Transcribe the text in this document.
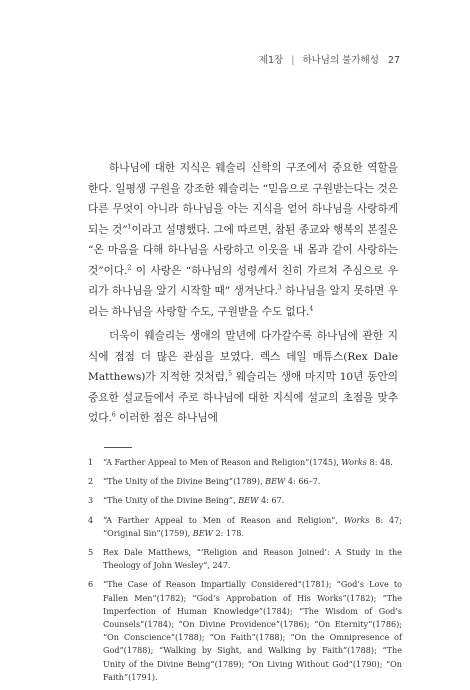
제1장 | 하나님의 불가해성 27

하나님에 대한 지식은 웨슬리 신학의 구조에서 중요한 역할을 한다. 일평생 구원을 강조한 웨슬리는 “믿음으로 구원받는다는 것은 다른 무엇이 아니라 하나님을 아는 지식을 얻어 하나님을 사랑하게 되는 것”$^1$이라고 설명했다. 그에 따르면, 참된 종교와 행복의 본질은 “온 마음을 다해 하나님을 사랑하고 이웃을 내 몸과 같이 사랑하는 것”이다.$^2$ 이 사랑은 “하나님의 성령께서 친히 가르쳐 주심으로 우리가 하나님을 알기 시작할 때” 생겨난다.$^3$ 하나님을 알지 못하면 우리는 하나님을 사랑할 수도, 구원받을 수도 없다.$^4$

더욱이 웨슬리는 생애의 말년에 다가갈수록 하나님에 관한 지식에 점점 더 많은 관심을 보였다. 렉스 데일 매튜스(Rex Dale Matthews)가 지적한 것처럼,$^5$ 웨슬리는 생애 마지막 10년 동안의 중요한 설교들에서 주로 하나님에 대한 지식에 설교의 초점을 맞추었다.$^6$ 이러한 점은 하나님에

1	“A Farther Appeal to Men of Reason and Religion”(1745), Works 8: 48.
2	“The Unity of the Divine Being”(1789), BEW 4: 66–7.
3	“The Unity of the Divine Being”, BEW 4: 67.
4	“A Farther Appeal to Men of Reason and Religion”, Works 8: 47; “Original Sin”(1759), BEW 2: 178.
5	Rex Dale Matthews, “‘Religion and Reason Joined’: A Study in the Theology of John Wesley”, 247.
6	“The Case of Reason Impartially Considered”(1781); “God’s Love to Fallen Men”(1782); “God’s Approbation of His Works”(1782); “The Imperfection of Human Knowledge”(1784); “The Wisdom of God’s Counsels”(1784); “On Divine Providence”(1786); “On Eternity”(1786); “On Conscience”(1788); “On Faith”(1788); “On the Omnipresence of God”(1788); “Walking by Sight, and Walking by Faith”(1788); “The Unity of the Divine Being”(1789); “On Living Without God”(1790); “On Faith”(1791).
